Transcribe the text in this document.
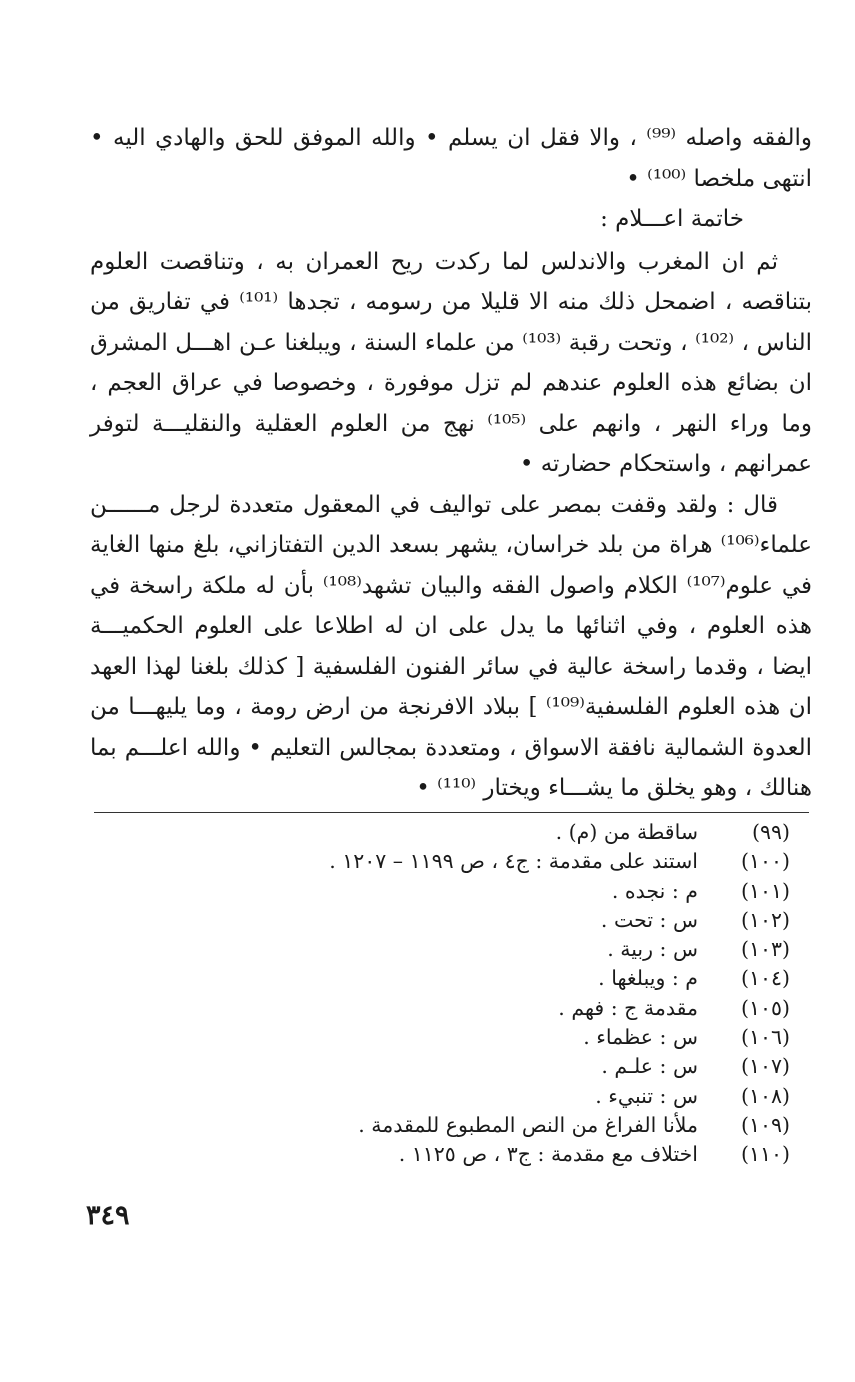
والفقه واصله ⁽⁹⁹⁾ ، والا فقل ان يسلم • والله الموفق للحق والهادي اليه • انتهى ملخصا ⁽¹⁰⁰⁾ •

خاتمة اعـــلام :

ثم ان المغرب والاندلس لما ركدت ريح العمران به ، وتناقصت العلوم بتناقصه ، اضمحل ذلك منه الا قليلا من رسومه ، تجدها ⁽¹⁰¹⁾ في تفاريق من الناس ، ⁽¹⁰²⁾ ، وتحت رقبة ⁽¹⁰³⁾ من علماء السنة ، ويبلغنا عـن اهـــل المشرق ان بضائع هذه العلوم عندهم لم تزل موفورة ، وخصوصا في عراق العجم ، وما وراء النهر ، وانهم على ⁽¹⁰⁵⁾ نهج من العلوم العقلية والنقليـــة لتوفر عمرانهم ، واستحكام حضارته •

قال : ولقد وقفت بمصر على تواليف في المعقول متعددة لرجل مــــــن علماء⁽¹⁰⁶⁾ هراة من بلد خراسان، يشهر بسعد الدين التفتازاني، بلغ منها الغاية في علوم⁽¹⁰⁷⁾ الكلام واصول الفقه والبيان تشهد⁽¹⁰⁸⁾ بأن له ملكة راسخة في هذه العلوم ، وفي اثنائها ما يدل على ان له اطلاعا على العلوم الحكميـــة ايضا ، وقدما راسخة عالية في سائر الفنون الفلسفية [ كذلك بلغنا لهذا العهد ان هذه العلوم الفلسفية⁽¹⁰⁹⁾ ] ببلاد الافرنجة من ارض رومة ، وما يليهـــا من العدوة الشمالية نافقة الاسواق ، ومتعددة بمجالس التعليم • والله اعلـــم بما هنالك ، وهو يخلق ما يشـــاء ويختار ⁽¹¹⁰⁾ •

(٩٩)
ساقطة من (م) .
(١٠٠)
استند على مقدمة : ج٤ ، ص ١١٩٩ – ١٢٠٧ .
(١٠١)
م : نجده .
(١٠٢)
س : تحت .
(١٠٣)
س : ربية .
(١٠٤)
م : ويبلغها .
(١٠٥)
مقدمة ج : فهم .
(١٠٦)
س : عظماء .
(١٠٧)
س : علـم .
(١٠٨)
س : تنبيء .
(١٠٩)
ملأنا الفراغ من النص المطبوع للمقدمة .
(١١٠)
اختلاف مع مقدمة : ج٣ ، ص ١١٢٥ .
٣٤٩
